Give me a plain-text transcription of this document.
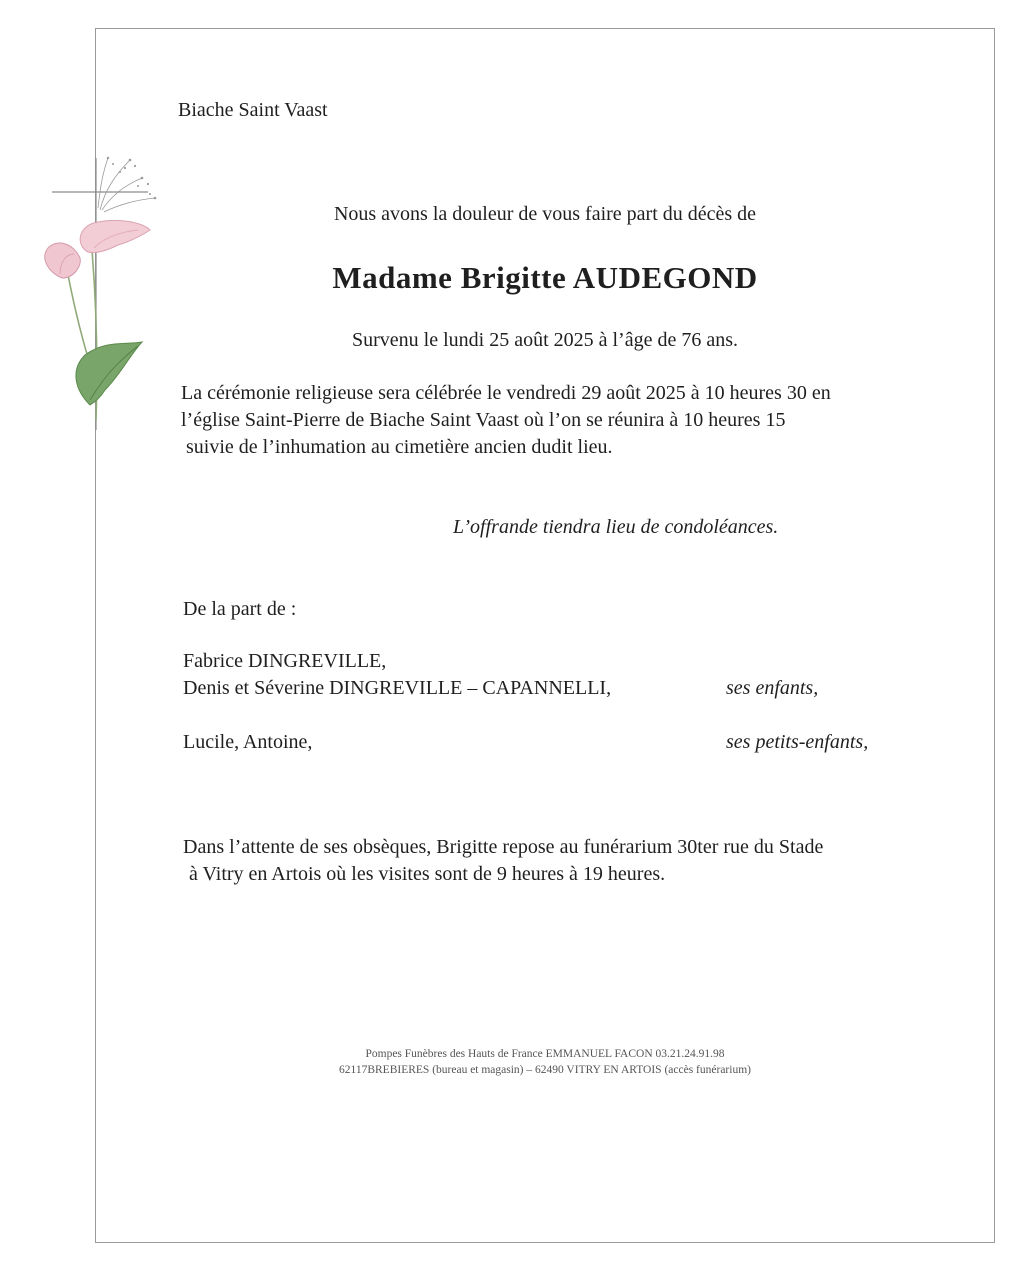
Biache Saint Vaast
Nous avons la douleur de vous faire part du décès de
Madame Brigitte AUDEGOND
Survenu le lundi 25 août 2025 à l’âge de 76 ans.
La cérémonie religieuse sera célébrée le vendredi 29 août 2025 à 10 heures 30 en
l’église Saint-Pierre de Biache Saint Vaast où l’on se réunira à 10 heures 15
suivie de l’inhumation au cimetière ancien dudit lieu.
L’offrande tiendra lieu de condoléances.
De la part de :
Fabrice DINGREVILLE,
Denis et Séverine DINGREVILLE – CAPANNELLI,	ses enfants,
Lucile, Antoine,	ses petits-enfants,
Dans l’attente de ses obsèques, Brigitte repose au funérarium 30ter rue du Stade
à Vitry en Artois où les visites sont de 9 heures à 19 heures.
Pompes Funèbres des Hauts de France EMMANUEL FACON 03.21.24.91.98
62117BREBIERES (bureau et magasin) – 62490 VITRY EN ARTOIS (accès funérarium)
